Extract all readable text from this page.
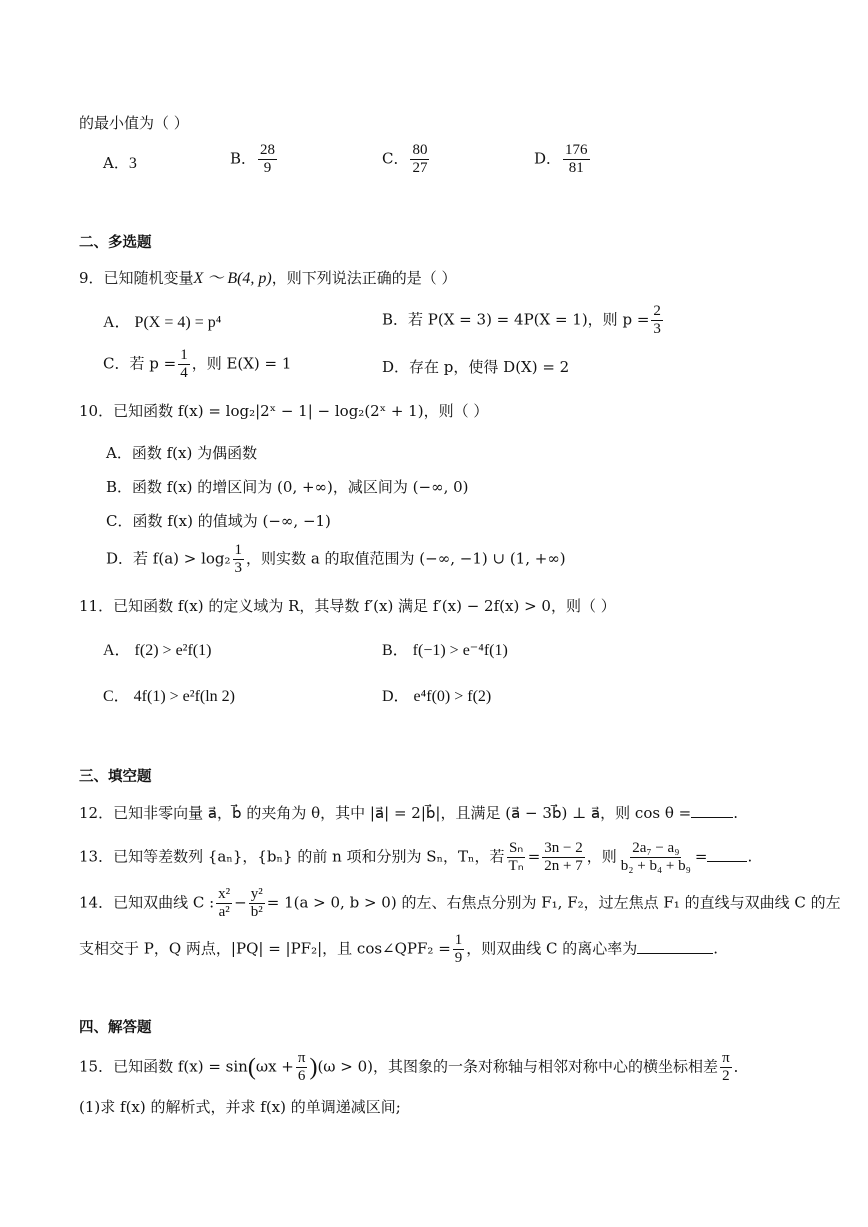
的最小值为（ ）
A．3	B． $\frac{28}{9}$	C． $\frac{80}{27}$	D． $\frac{176}{81}$
二、多选题
9．已知随机变量X ～ B(4, p)，则下列说法正确的是（ ）
A． P(X = 4) = p⁴	B．若 P(X = 3) = 4P(X = 1)，则 $p = \frac{2}{3}$
C．若 $p = \frac{1}{4}$ ，则 E(X) = 1	D．存在 p，使得 D(X) = 2
10．已知函数 f(x) = log₂|2ˣ − 1| − log₂(2ˣ + 1)，则（ ）
A．函数 f(x) 为偶函数
B．函数 f(x) 的增区间为 (0, +∞)，减区间为 (−∞, 0)
C．函数 f(x) 的值域为 (−∞, −1)
D．若 $f(a) > \log_2 \frac{1}{3}$ ，则实数 a 的取值范围为 (−∞, −1) ∪ (1, +∞)
11．已知函数 f(x) 的定义域为 R，其导数 f′(x) 满足 f′(x) − 2f(x) > 0，则（ ）
A． f(2) > e²f(1)	B． f(−1) > e⁻⁴f(1)
C． 4f(1) > e²f(ln 2)	D． e⁴f(0) > f(2)
三、填空题
12．已知非零向量 a⃗，b⃗ 的夹角为 θ，其中 |a⃗| = 2|b⃗|，且满足 (a⃗ − 3b⃗) ⊥ a⃗，则 cos θ =	.
13．已知等差数列 {aₙ}，{bₙ} 的前 n 项和分别为 Sₙ，Tₙ，若 $\frac{\text{Sₙ}}{\text{Tₙ}} = \frac{3n - 2}{2n + 7}$ ，则 $\frac{\text{2a₇ − a₉}}{\text{b₂ + b₄ + b₉}}$ =	.
14．已知双曲线 C : $\frac{\text{x²}}{\text{a²}} - \frac{\text{y²}}{\text{b²}} = 1(a > 0$, b > 0) 的左、右焦点分别为 F₁, F₂，过左焦点 F₁ 的直线与双曲线 C 的左
支相交于 P，Q 两点，|PQ| = |PF₂|，且 cos∠QPF₂ = $\frac{1}{9}$ ，则双曲线 C 的离心率为	.
四、解答题
15．已知函数 $f(x) = \sin(\omega x + \frac{\pi}{6} )(\omega > 0)$，其图象的一条对称轴与相邻对称中心的横坐标相差 $\frac{\pi}{2}$ ．
(1)求 f(x) 的解析式，并求 f(x) 的单调递减区间;
